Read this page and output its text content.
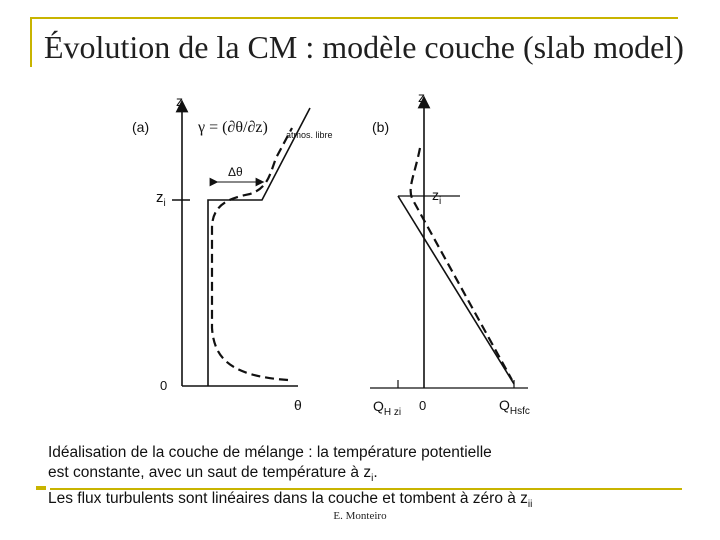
Évolution de la CM : modèle couche (slab model)
(a)
z
0
θ
$z_i$
Δθ
γ = (∂θ/∂z) atmos. libre	(b)
z
$z_i$
$Q_{H zi}$ 0	$Q_{Hsfc}$

Idéalisation de la couche de mélange : la température potentielle

est constante, avec un saut de température à $z_i$.

Les flux turbulents sont linéaires dans la couche et tombent à zéro à $z_{ii}$

E. Monteiro
